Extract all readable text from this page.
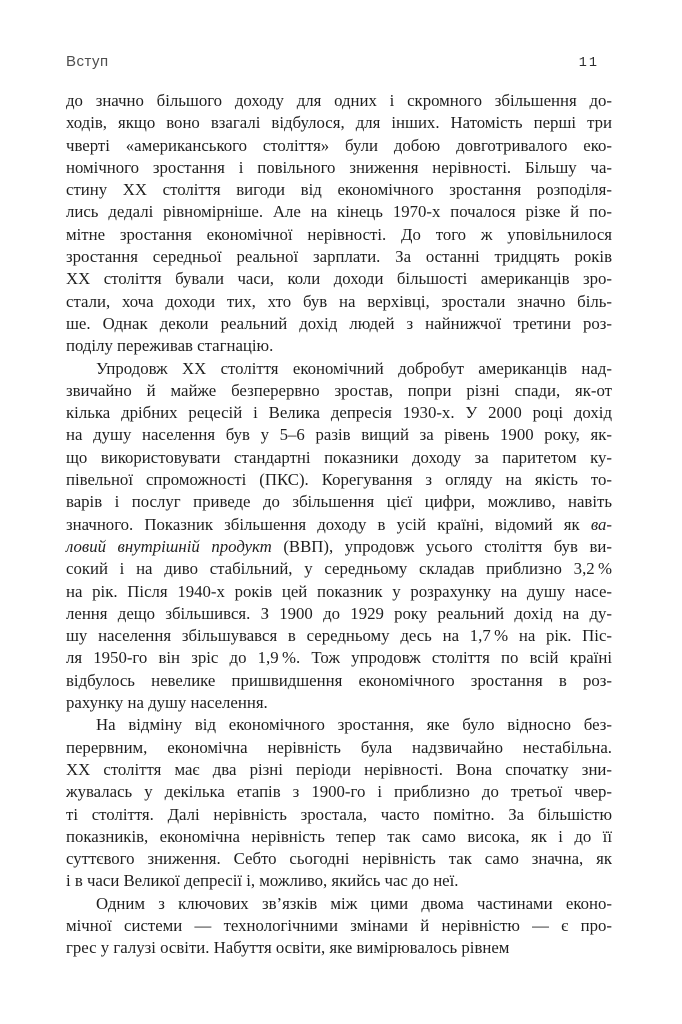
Вступ	11
до значно більшого доходу для одних і скромного збільшення до-
ходів, якщо воно взагалі відбулося, для інших. Натомість перші три
чверті «американського століття» були добою довготривалого еко-
номічного зростання і повільного зниження нерівності. Більшу ча-
стину XX століття вигоди від економічного зростання розподіля-
лись дедалі рівномірніше. Але на кінець 1970-х почалося різке й по-
мітне зростання економічної нерівності. До того ж уповільнилося
зростання середньої реальної зарплати. За останні тридцять років
XX століття бували часи, коли доходи більшості американців зро-
стали, хоча доходи тих, хто був на верхівці, зростали значно біль-
ше. Однак деколи реальний дохід людей з найнижчої третини роз-
поділу переживав стагнацію.
Упродовж XX століття економічний добробут американців над-
звичайно й майже безперервно зростав, попри різні спади, як-от
кілька дрібних рецесій і Велика депресія 1930-х. У 2000 році дохід
на душу населення був у 5–6 разів вищий за рівень 1900 року, як-
що використовувати стандартні показники доходу за паритетом ку-
півельної спроможності (ПКС). Корегування з огляду на якість то-
варів і послуг приведе до збільшення цієї цифри, можливо, навіть
значного. Показник збільшення доходу в усій країні, відомий як ва-
ловий внутрішній продукт (ВВП), упродовж усього століття був ви-
сокий і на диво стабільний, у середньому складав приблизно 3,2 %
на рік. Після 1940-х років цей показник у розрахунку на душу насе-
лення дещо збільшився. З 1900 до 1929 року реальний дохід на ду-
шу населення збільшувався в середньому десь на 1,7 % на рік. Піс-
ля 1950-го він зріс до 1,9 %. Тож упродовж століття по всій країні
відбулось невелике пришвидшення економічного зростання в роз-
рахунку на душу населення.
На відміну від економічного зростання, яке було відносно без-
перервним, економічна нерівність була надзвичайно нестабільна.
XX століття має два різні періоди нерівності. Вона спочатку зни-
жувалась у декілька етапів з 1900-го і приблизно до третьої чвер-
ті століття. Далі нерівність зростала, часто помітно. За більшістю
показників, економічна нерівність тепер так само висока, як і до її
суттєвого зниження. Себто сьогодні нерівність так само значна, як
і в часи Великої депресії і, можливо, якийсь час до неї.
Одним з ключових зв’язків між цими двома частинами еконо-
мічної системи — технологічними змінами й нерівністю — є про-
грес у галузі освіти. Набуття освіти, яке вимірювалось рівнем
